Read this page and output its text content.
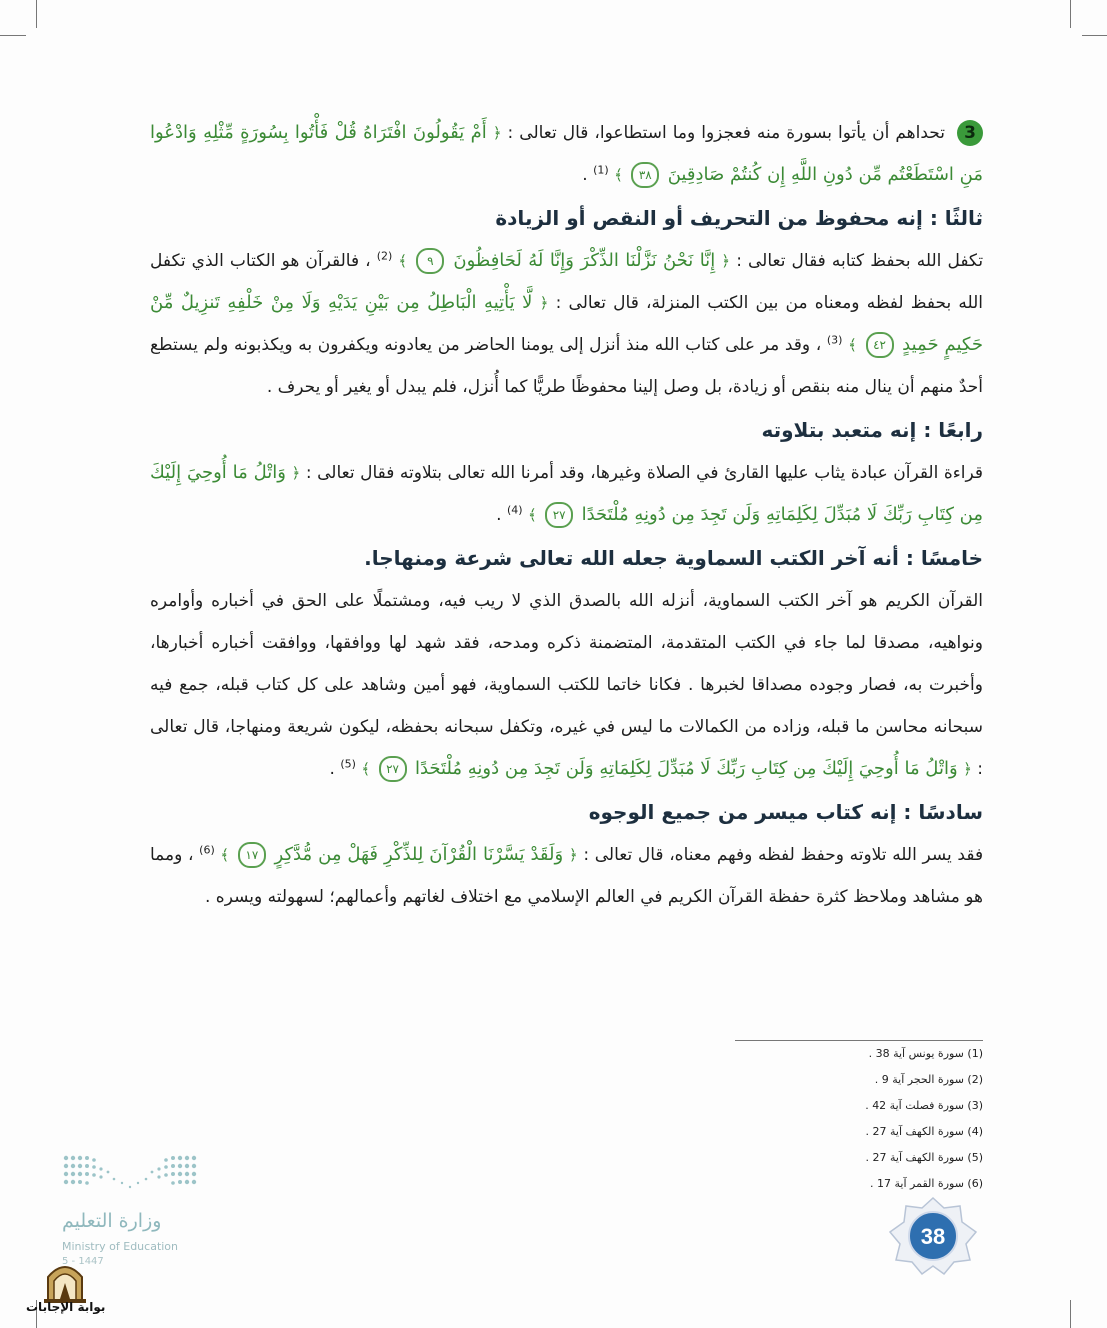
3 تحداهم أن يأتوا بسورة منه فعجزوا وما استطاعوا، قال تعالى : ﴿ أَمْ يَقُولُونَ افْتَرَاهُ قُلْ فَأْتُوا بِسُورَةٍ مِّثْلِهِ وَادْعُوا مَنِ اسْتَطَعْتُم مِّن دُونِ اللَّهِ إِن كُنتُمْ صَادِقِينَ ٣٨ ﴾ $^{(1)}$ .
ثالثًا : إنه محفوظ من التحريف أو النقص أو الزيادة
تكفل الله بحفظ كتابه فقال تعالى : ﴿ إِنَّا نَحْنُ نَزَّلْنَا الذِّكْرَ وَإِنَّا لَهُ لَحَافِظُونَ ٩ ﴾ $^{(2)}$ ، فالقرآن هو الكتاب الذي تكفل الله بحفظ لفظه ومعناه من بين الكتب المنزلة، قال تعالى : ﴿ لَّا يَأْتِيهِ الْبَاطِلُ مِن بَيْنِ يَدَيْهِ وَلَا مِنْ خَلْفِهِ تَنزِيلٌ مِّنْ حَكِيمٍ حَمِيدٍ ٤٢ ﴾ $^{(3)}$ ، وقد مر على كتاب الله منذ أنزل إلى يومنا الحاضر من يعادونه ويكفرون به ويكذبونه ولم يستطع أحدٌ منهم أن ينال منه بنقص أو زيادة، بل وصل إلينا محفوظًا طريًّا كما أُنزل، فلم يبدل أو يغير أو يحرف .
رابعًا : إنه متعبد بتلاوته
قراءة القرآن عبادة يثاب عليها القارئ في الصلاة وغيرها، وقد أمرنا الله تعالى بتلاوته فقال تعالى : ﴿ وَاتْلُ مَا أُوحِيَ إِلَيْكَ مِن كِتَابِ رَبِّكَ لَا مُبَدِّلَ لِكَلِمَاتِهِ وَلَن تَجِدَ مِن دُونِهِ مُلْتَحَدًا ٢٧ ﴾ $^{(4)}$ .
خامسًا : أنه آخر الكتب السماوية جعله الله تعالى شرعة ومنهاجا.
القرآن الكريم هو آخر الكتب السماوية، أنزله الله بالصدق الذي لا ريب فيه، ومشتملًا على الحق في أخباره وأوامره ونواهيه، مصدقا لما جاء في الكتب المتقدمة، المتضمنة ذكره ومدحه، فقد شهد لها ووافقها، ووافقت أخباره أخبارها، وأخبرت به، فصار وجوده مصداقا لخبرها . فكانا خاتما للكتب السماوية، فهو أمين وشاهد على كل كتاب قبله، جمع فيه سبحانه محاسن ما قبله، وزاده من الكمالات ما ليس في غيره، وتكفل سبحانه بحفظه، ليكون شريعة ومنهاجا، قال تعالى : ﴿ وَاتْلُ مَا أُوحِيَ إِلَيْكَ مِن كِتَابِ رَبِّكَ لَا مُبَدِّلَ لِكَلِمَاتِهِ وَلَن تَجِدَ مِن دُونِهِ مُلْتَحَدًا ٢٧ ﴾ $^{(5)}$ .
سادسًا : إنه كتاب ميسر من جميع الوجوه
فقد يسر الله تلاوته وحفظ لفظه وفهم معناه، قال تعالى : ﴿ وَلَقَدْ يَسَّرْنَا الْقُرْآنَ لِلذِّكْرِ فَهَلْ مِن مُّدَّكِرٍ ١٧ ﴾ $^{(6)}$ ، ومما هو مشاهد وملاحظ كثرة حفظة القرآن الكريم في العالم الإسلامي مع اختلاف لغاتهم وأعمالهم؛ لسهولته ويسره .
(1) سورة يونس آية 38 .
(2) سورة الحجر آية 9 .
(3) سورة فصلت آية 42 .
(4) سورة الكهف آية 27 .
(5) سورة الكهف آية 27 .
(6) سورة القمر آية 17 .
وزارة التعليم
Ministry of Education
5 - 1447
38
بوابة الإجابات
